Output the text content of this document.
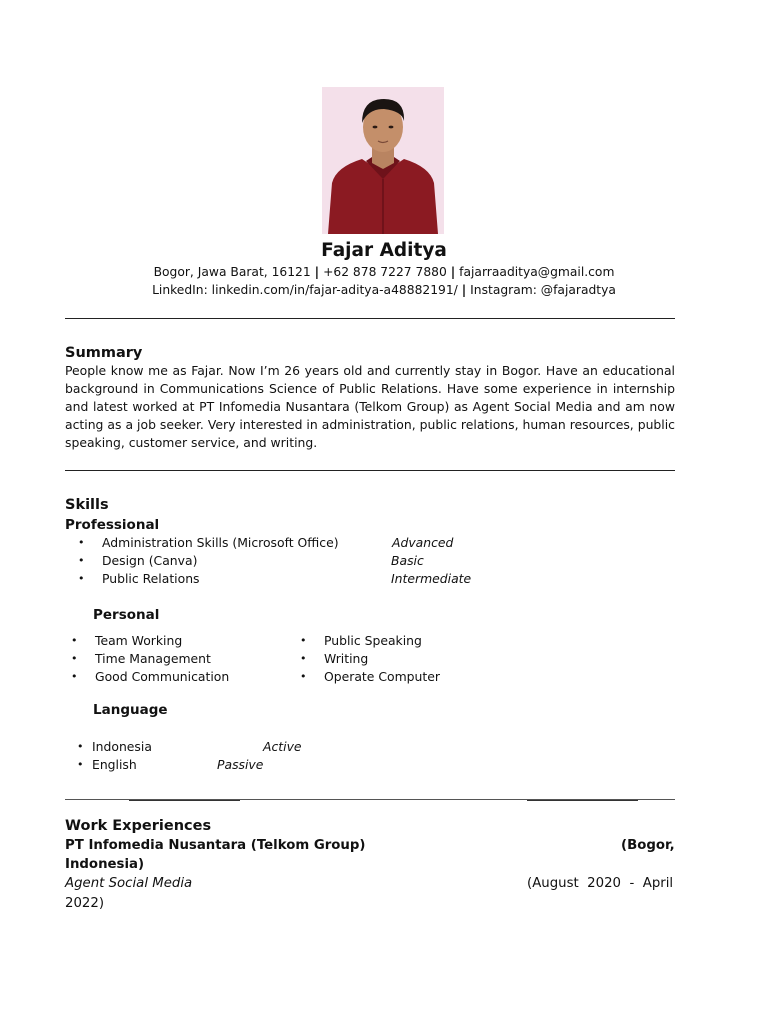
Fajar Aditya
Bogor, Jawa Barat, 16121 | +62 878 7227 7880 | fajarraaditya@gmail.com
LinkedIn: linkedin.com/in/fajar-aditya-a48882191/ | Instagram: @fajaradtya
Summary
People know me as Fajar. Now I’m 26 years old and currently stay in Bogor. Have an educational background in Communications Science of Public Relations. Have some experience in internship and latest worked at PT Infomedia Nusantara (Telkom Group) as Agent Social Media and am now acting as a job seeker. Very interested in administration, public relations, human resources, public speaking, customer service, and writing.
Skills
Professional
• Administration Skills (Microsoft Office)	Advanced
• Design (Canva)	Basic
• Public Relations	Intermediate
Personal
• Team Working
• Time Management
• Good Communication
• Public Speaking
• Writing
• Operate Computer
Language
• Indonesia	Active
• English	Passive
Work Experiences
PT Infomedia Nusantara (Telkom Group)	(Bogor,
Indonesia)
Agent Social Media	(August  2020  -  April
2022)
